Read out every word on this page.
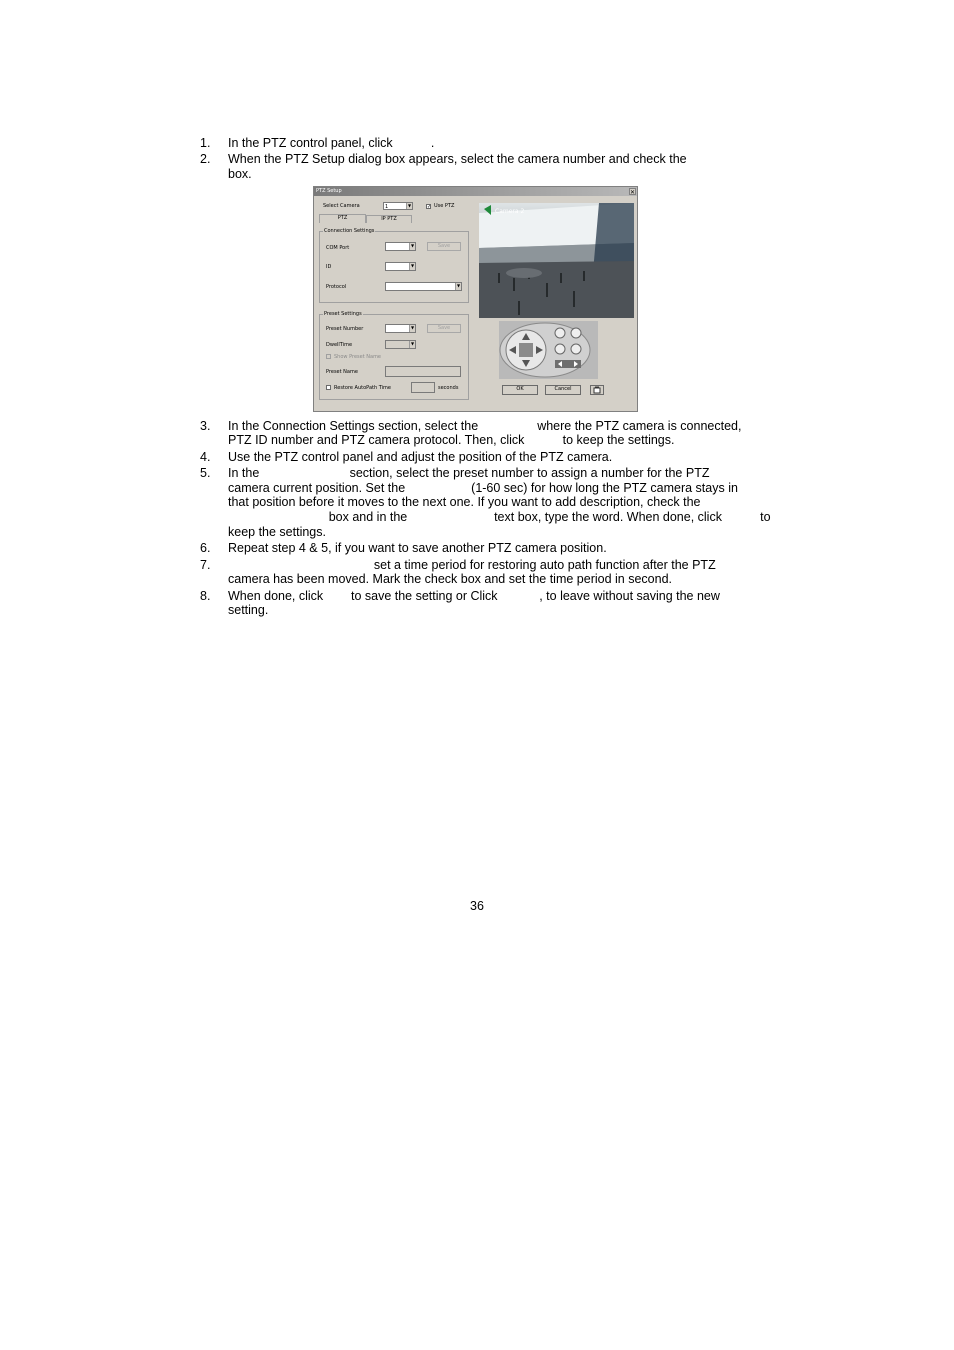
1. In the PTZ control panel, click           .
2. When the PTZ Setup dialog box appears, select the camera number and check the
box.
3. In the Connection Settings section, select the                 where the PTZ camera is connected,
PTZ ID number and PTZ camera protocol. Then, click           to keep the settings.
4. Use the PTZ control panel and adjust the position of the PTZ camera.
5. In the                          section, select the preset number to assign a number for the PTZ
camera current position. Set the                   (1-60 sec) for how long the PTZ camera stays in
that position before it moves to the next one. If you want to add description, check the
box and in the                         text box, type the word. When done, click           to
keep the settings.
6. Repeat step 4 & 5, if you want to save another PTZ camera position.
7. set a time period for restoring auto path function after the PTZ
camera has been moved. Mark the check box and set the time period in second.
8. When done, click        to save the setting or Click            , to leave without saving the new
setting.
PTZ Setup	✕
Select Camera	1	▼	✓ Use PTZ
PTZ	IP PTZ
Connection Settings
COM Port	▼	Save
ID	▼
Protocol	▼
Preset Settings
Preset Number	▼	Save
DwellTime	▼
Show Preset Name
Preset Name
Restore AutoPath Time	seconds
Camera 2
OK	Cancel
36
